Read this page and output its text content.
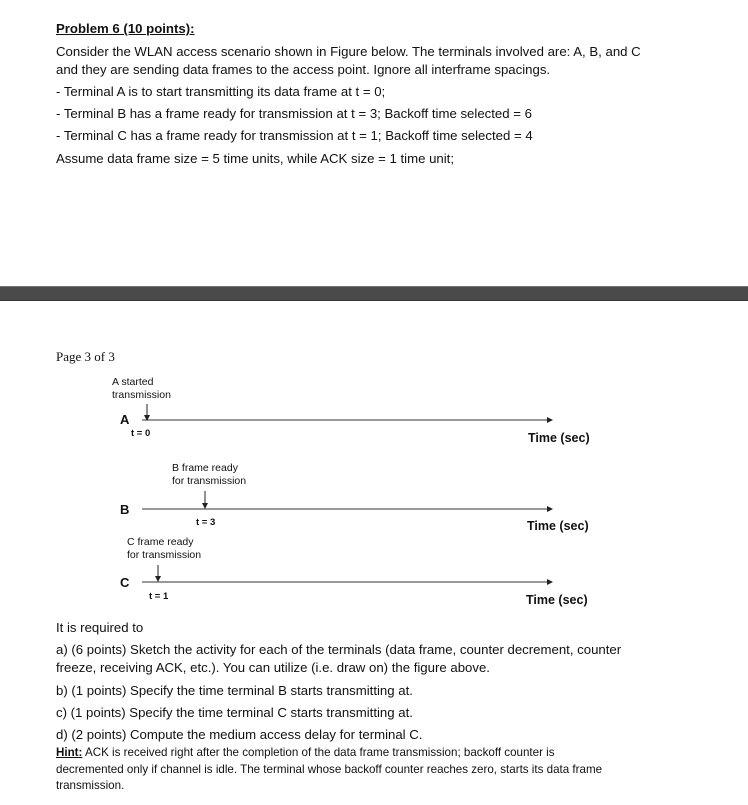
Problem 6 (10 points):
Consider the WLAN access scenario shown in Figure below. The terminals involved are: A, B, and C
and they are sending data frames to the access point. Ignore all interframe spacings.
- Terminal A is to start transmitting its data frame at t = 0;
- Terminal B has a frame ready for transmission at t = 3; Backoff time selected = 6
- Terminal C has a frame ready for transmission at t = 1; Backoff time selected = 4
Assume data frame size = 5 time units, while ACK size = 1 time unit;
Page 3 of 3
A started
transmission
A
t = 0	Time (sec)
B frame ready
for transmission
B
t = 3	Time (sec)
C frame ready
for transmission
C
t = 1	Time (sec)
It is required to
a) (6 points) Sketch the activity for each of the terminals (data frame, counter decrement, counter
freeze, receiving ACK, etc.). You can utilize (i.e. draw on) the figure above.
b) (1 points) Specify the time terminal B starts transmitting at.
c) (1 points) Specify the time terminal C starts transmitting at.
d) (2 points) Compute the medium access delay for terminal C.
Hint: ACK is received right after the completion of the data frame transmission; backoff counter is
decremented only if channel is idle. The terminal whose backoff counter reaches zero, starts its data frame
transmission.
